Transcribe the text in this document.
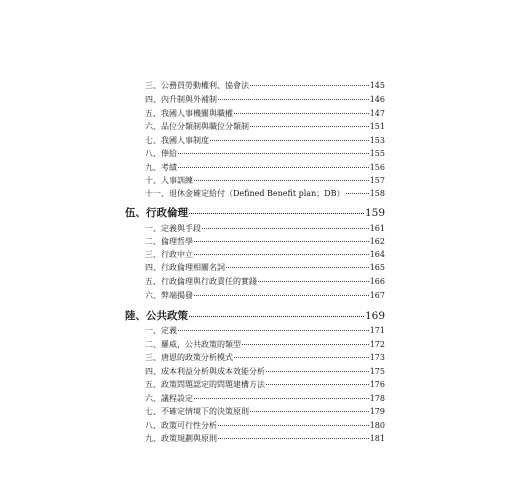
三、公務員勞動權利、協會法	145
四、內升制與外補制	146
五、我國人事機關與職權	147
六、品位分類制與職位分類制	151
七、我國人事制度	153
八、俸給	155
九、考績	156
十、人事訓練	157
十一、退休金確定給付（Defined Benefit plan；DB）	158
伍、行政倫理	159
一、定義與手段	161
二、倫理哲學	162
三、行政中立	164
四、行政倫理相關名詞	165
五、行政倫理與行政責任的實踐	166
六、弊端揭發	167
陸、公共政策	169
一、定義	171
二、羅威，公共政策的類型	172
三、唐恩的政策分析模式	173
四、成本利益分析與成本效能分析	175
五、政策問題認定的問題建構方法	176
六、議程設定	178
七、不確定情境下的決策原則	179
八、政策可行性分析	180
九、政策規劃與原則	181
